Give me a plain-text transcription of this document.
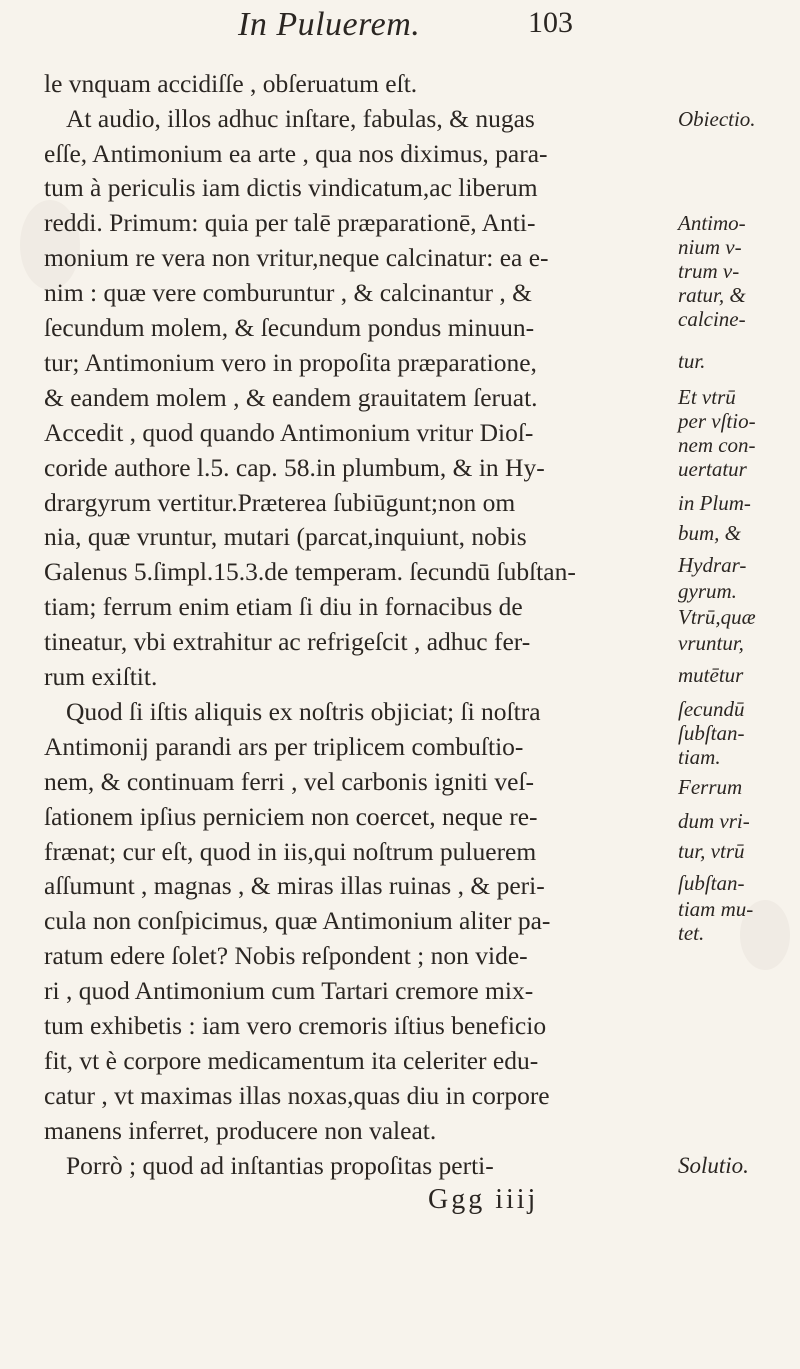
In Puluerem.	103
le vnquam accidiſſe , obſeruatum eſt.
At audio, illos adhuc inſtare, fabulas, & nugas
eſſe, Antimonium ea arte , qua nos diximus, para-
tum à periculis iam dictis vindicatum,ac liberum
reddi. Primum: quia per talē præparationē, Anti-
monium re vera non vritur,neque calcinatur: ea e-
nim : quæ vere comburuntur , & calcinantur , &
ſecundum molem, & ſecundum pondus minuun-
tur; Antimonium vero in propoſita præparatione,
& eandem molem , & eandem grauitatem ſeruat.
Accedit , quod quando Antimonium vritur Dioſ-
coride authore l.5. cap. 58.in plumbum, & in Hy-
drargyrum vertitur.Præterea ſubiūgunt;non om
nia, quæ vruntur, mutari (parcat,inquiunt, nobis
Galenus 5.ſimpl.15.3.de temperam. ſecundū ſubſtan-
tiam; ferrum enim etiam ſi diu in fornacibus de
tineatur, vbi extrahitur ac refrigeſcit , adhuc fer-
rum exiſtit.
Quod ſi iſtis aliquis ex noſtris objiciat; ſi noſtra
Antimonij parandi ars per triplicem combuſtio-
nem, & continuam ferri , vel carbonis igniti veſ-
ſationem ipſius perniciem non coercet, neque re-
frænat; cur eſt, quod in iis,qui noſtrum puluerem
aſſumunt , magnas , & miras illas ruinas , & peri-
cula non conſpicimus, quæ Antimonium aliter pa-
ratum edere ſolet? Nobis reſpondent ; non vide-
ri , quod Antimonium cum Tartari cremore mix-
tum exhibetis : iam vero cremoris iſtius beneficio
fit, vt è corpore medicamentum ita celeriter edu-
catur , vt maximas illas noxas,quas diu in corpore
manens inferret, producere non valeat.
Porrò ; quod ad inſtantias propoſitas perti-
Obiectio.
Antimo-
nium v-
trum v-
ratur, &
calcine-
tur.
Et vtrū
per vſtio-
nem con-
uertatur
in Plum-
bum, &
Hydrar-
gyrum.
Vtrū,quæ
vruntur,
mutētur
ſecundū
ſubſtan-
tiam.
Ferrum
dum vri-
tur, vtrū
ſubſtan-
tiam mu-
tet.
Solutio.
Ggg iiij
